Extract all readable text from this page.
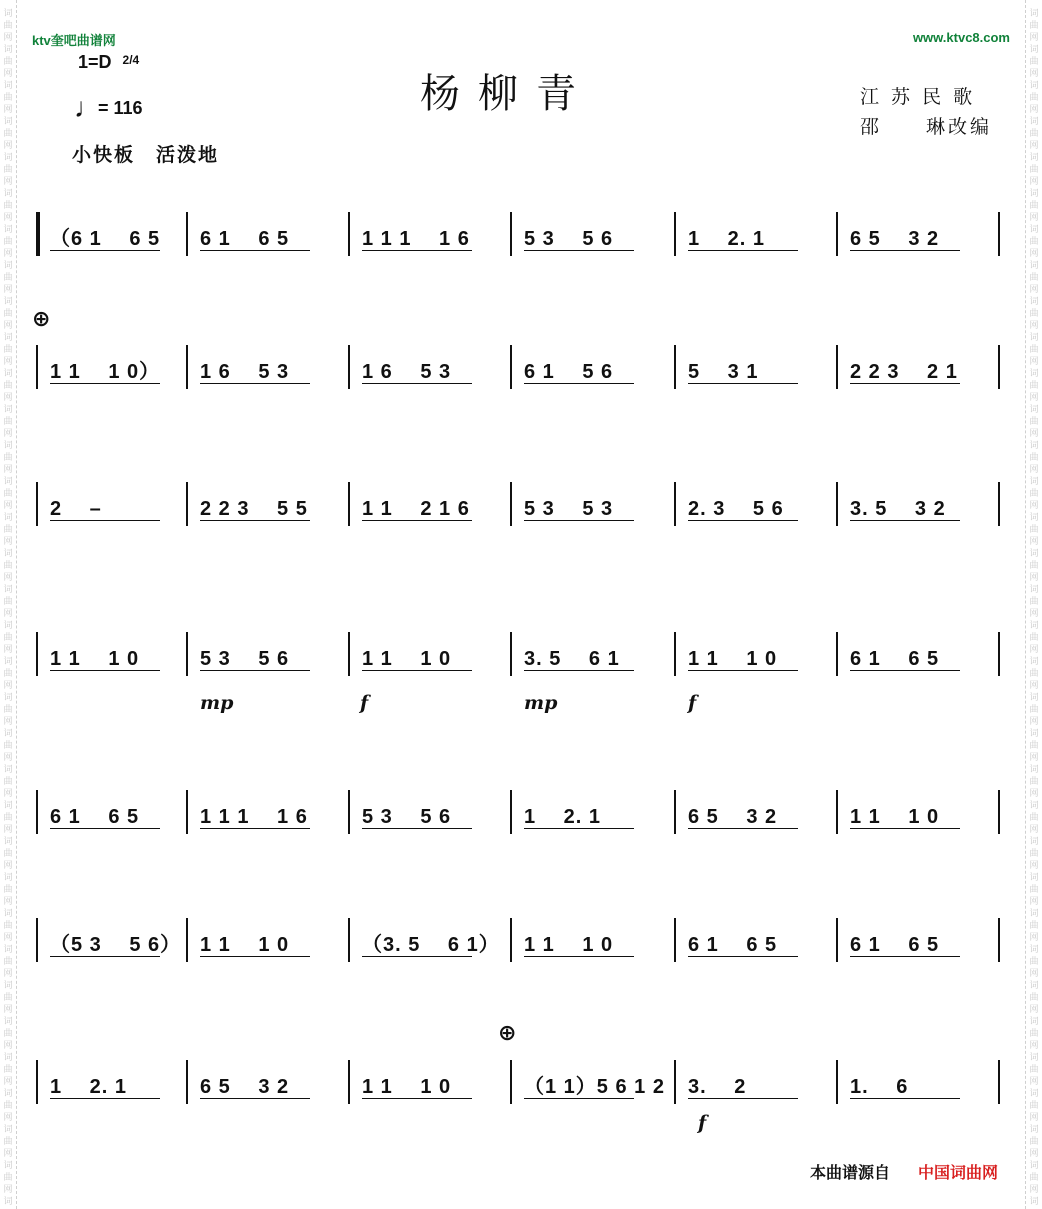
词
曲
网
词
曲
网
词
曲
网
词
曲
网
词
曲
网
词
曲
网
词
曲
网
词
曲
网
词
曲
网
词
曲
网
词
曲
网
词
曲
网
词
曲
网
词
曲
网
词
曲
网
词
曲
网
词
曲
网
词
曲
网
词
曲
网
词
曲
网
词
曲
网
词
曲
网
词
曲
网
词
曲
网
词
曲
网
词
曲
网
词
曲
网
词
曲
网
词
曲
网
词
曲
网
词
曲
网
词
曲
网
词
曲
网
词
词
曲
网
词
曲
网
词
曲
网
词
曲
网
词
曲
网
词
曲
网
词
曲
网
词
曲
网
词
曲
网
词
曲
网
词
曲
网
词
曲
网
词
曲
网
词
曲
网
词
曲
网
词
曲
网
词
曲
网
词
曲
网
词
曲
网
词
曲
网
词
曲
网
词
曲
网
词
曲
网
词
曲
网
词
曲
网
词
曲
网
词
曲
网
词
曲
网
词
曲
网
词
曲
网
词
曲
网
词
曲
网
词
曲
网
词
ktv奎吧曲谱网	www.ktvc8.com
1=D $^{2/4}$
♩
= 116
小快板　活泼地
杨柳青	江 苏 民 歌
邵　　琳改编
（6 1　 6 5 6 1　 6 5	1 1 1　 1 6	5 3　 5 6	1　 2. 1	6 5　 3 2
1 1　 1 0） 1 6　 5 3	1 6　 5 3	6 1　 5 6	5　 3 1	2 2 3　 2 1
2　 –	2 2 3　 5 5	1 1　 2 1 6	5 3　 5 3	2. 3　 5 6	3. 5　 3 2
1 1　 1 0	5 3　 5 6	1 1　 1 0	3. 5　 6 1	1 1　 1 0	6 1　 6 5
6 1　 6 5	1 1 1　 1 6	5 3　 5 6	1　 2. 1	6 5　 3 2	1 1　 1 0
（5 3　 5 6） 1 1　 1 0	（3. 5　 6 1） 1 1　 1 0	6 1　 6 5	6 1　 6 5
1　 2. 1	6 5　 3 2	1 1　 1 0	（1 1）5 6 1 2 3.　 2	1.　 6
本曲谱源自 中国词曲网
⊕
⊕
mp	f	mp	f
f
